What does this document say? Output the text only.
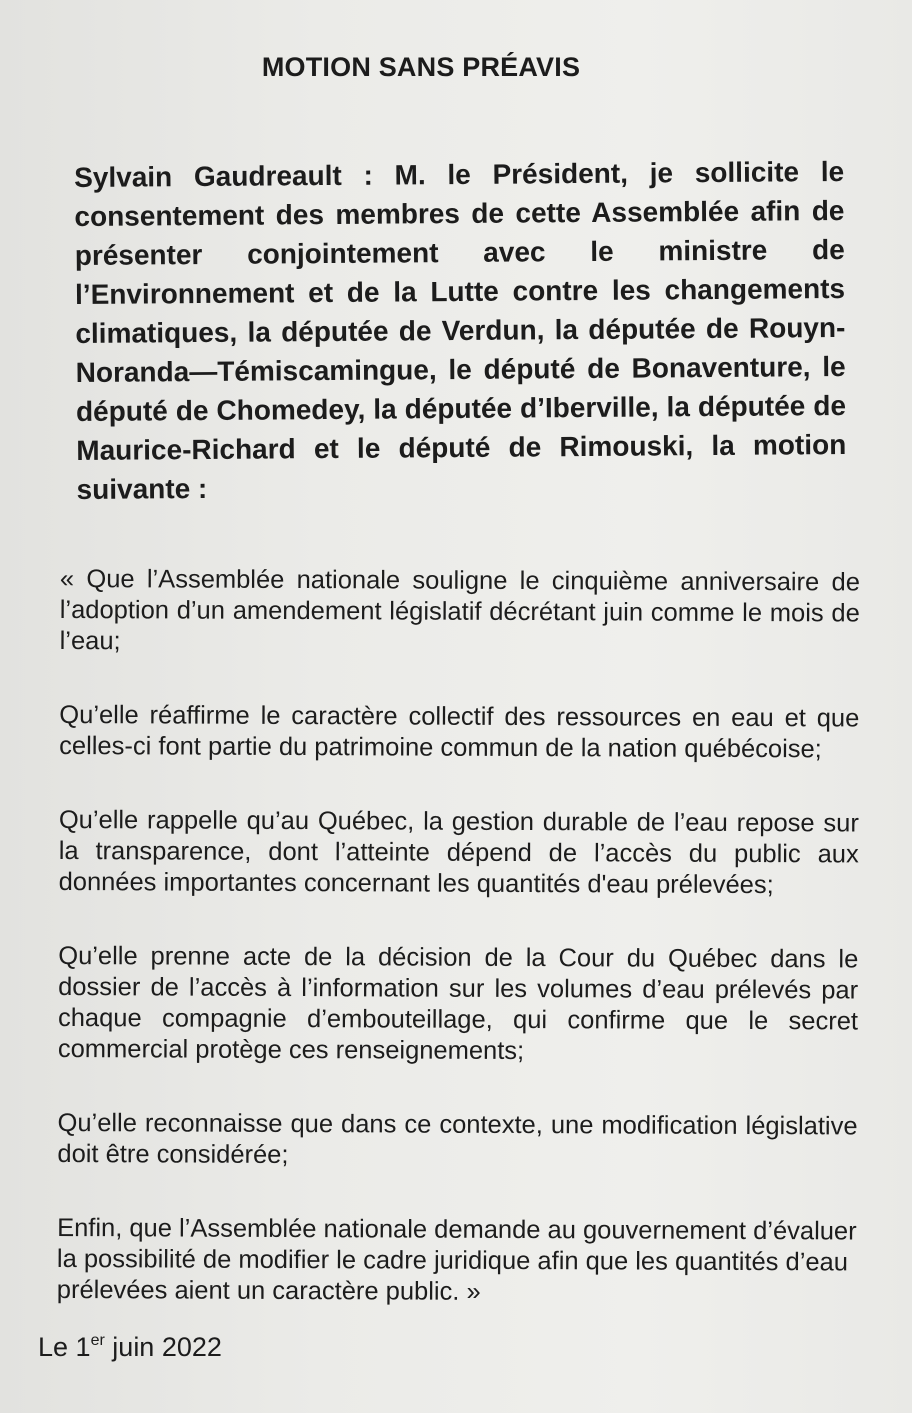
MOTION SANS PRÉAVIS
Sylvain Gaudreault : M. le Président, je sollicite le consentement des membres de cette Assemblée afin de présenter conjointement avec le ministre de l’Environnement et de la Lutte contre les changements climatiques, la députée de Verdun, la députée de Rouyn-Noranda—Témiscamingue, le député de Bonaventure, le député de Chomedey, la députée d’Iberville, la députée de Maurice-Richard et le député de Rimouski, la motion suivante :

« Que l’Assemblée nationale souligne le cinquième anniversaire de l’adoption d’un amendement législatif décrétant juin comme le mois de l’eau;

Qu’elle réaffirme le caractère collectif des ressources en eau et que celles-ci font partie du patrimoine commun de la nation québécoise;

Qu’elle rappelle qu’au Québec, la gestion durable de l’eau repose sur la transparence, dont l’atteinte dépend de l’accès du public aux données importantes concernant les quantités d'eau prélevées;

Qu’elle prenne acte de la décision de la Cour du Québec dans le dossier de l’accès à l’information sur les volumes d’eau prélevés par chaque compagnie d’embouteillage, qui confirme que le secret commercial protège ces renseignements;

Qu’elle reconnaisse que dans ce contexte, une modification législative doit être considérée;

Enfin, que l’Assemblée nationale demande au gouvernement d’évaluer la possibilité de modifier le cadre juridique afin que les quantités d’eau prélevées aient un caractère public. »

Le 1er juin 2022
